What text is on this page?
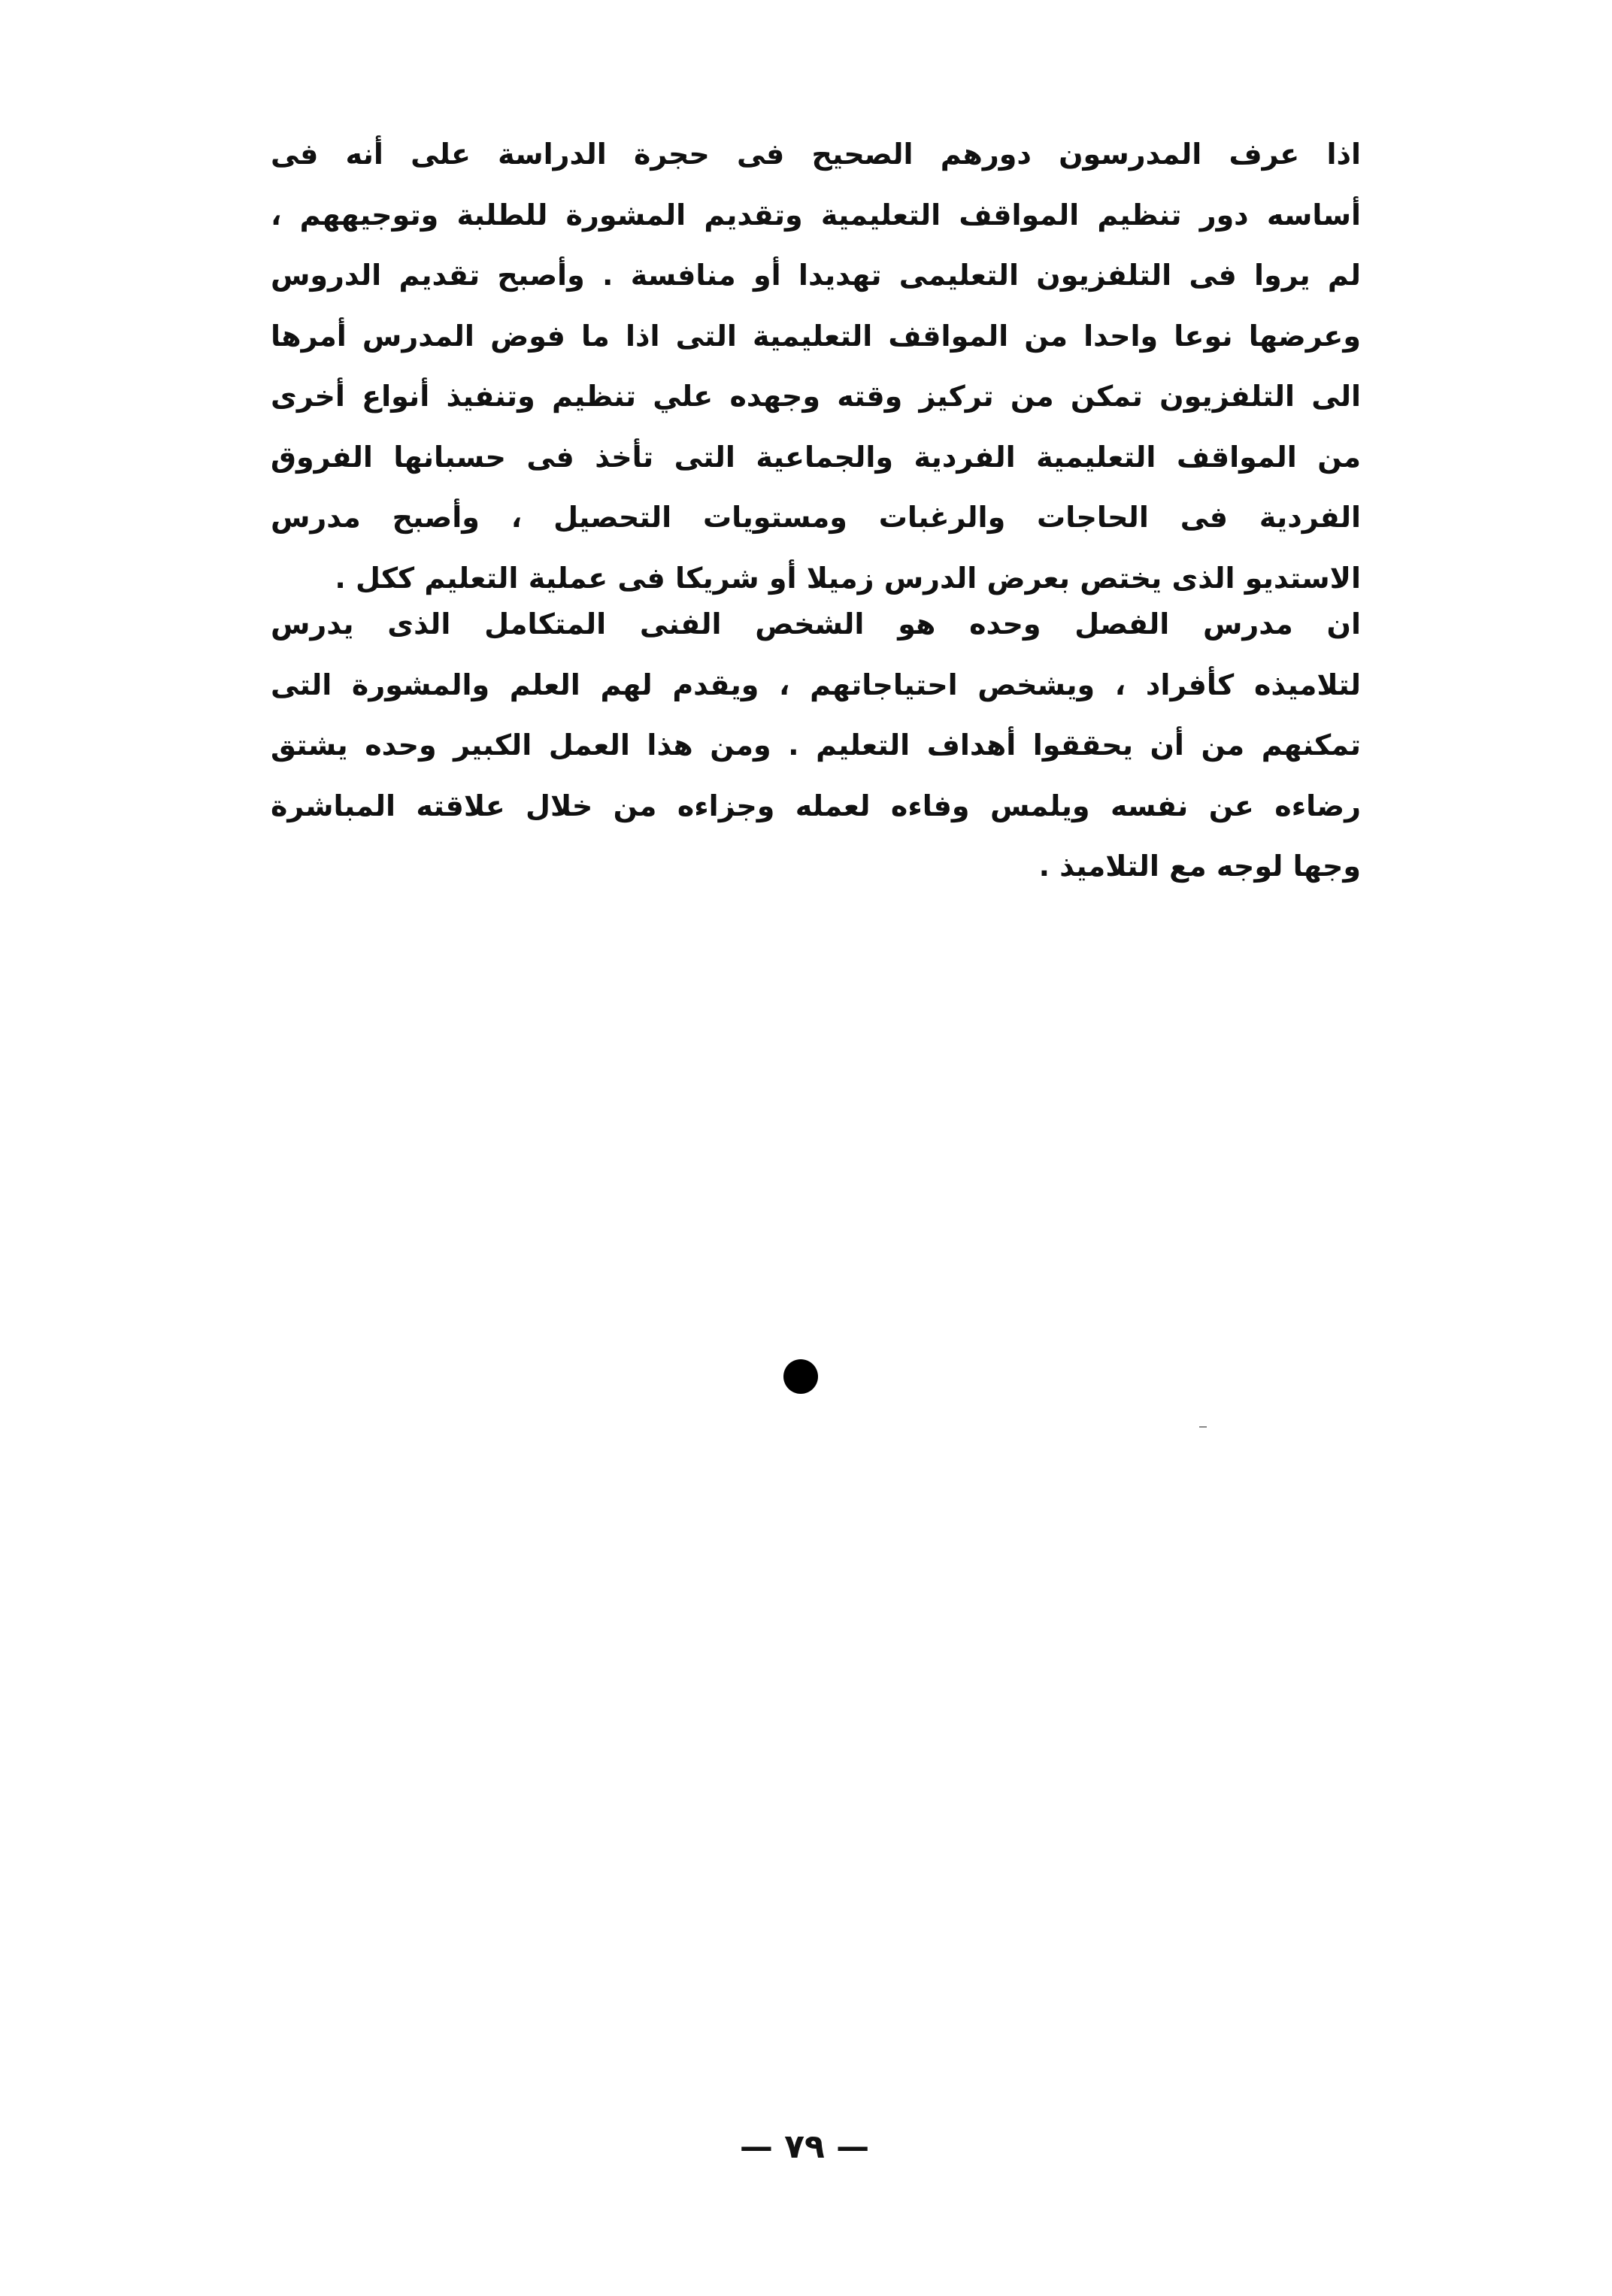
اذا عرف المدرسون دورهم الصحيح فى حجرة الدراسة على أنه فى
أساسه دور تنظيم المواقف التعليمية وتقديم المشورة للطلبة وتوجيههم ،
لم يروا فى التلفزيون التعليمى تهديدا أو منافسة . وأصبح تقديم الدروس
وعرضها نوعا واحدا من المواقف التعليمية التى اذا ما فوض المدرس أمرها
الى التلفزيون تمكن من تركيز وقته وجهده علي تنظيم وتنفيذ أنواع أخرى
من المواقف التعليمية الفردية والجماعية التى تأخذ فى حسبانها الفروق
الفردية فى الحاجات والرغبات ومستويات التحصيل ، وأصبح مدرس
الاستديو الذى يختص بعرض الدرس زميلا أو شريكا فى عملية التعليم ككل .
ان مدرس الفصل وحده هو الشخص الفنى المتكامل الذى يدرس
لتلاميذه كأفراد ، ويشخص احتياجاتهم ، ويقدم لهم العلم والمشورة التى
تمكنهم من أن يحققوا أهداف التعليم . ومن هذا العمل الكبير وحده يشتق
رضاءه عن نفسه ويلمس وفاءه لعمله وجزاءه من خلال علاقته المباشرة
وجها لوجه مع التلاميذ .
— ٧٩ —
